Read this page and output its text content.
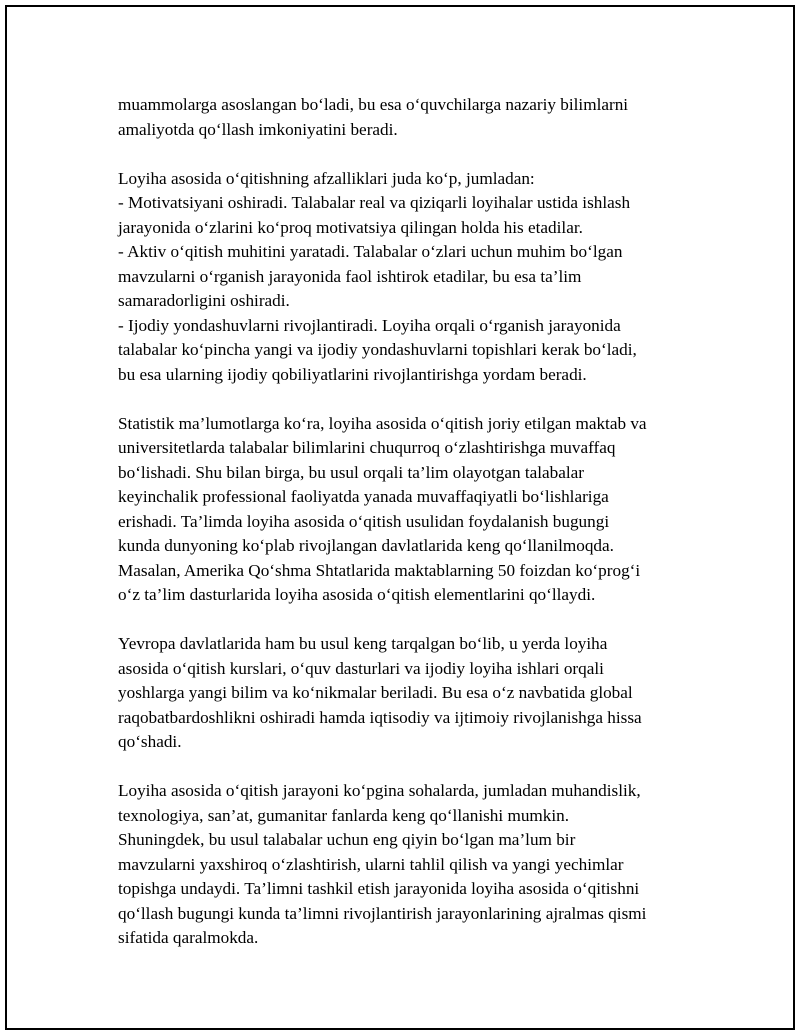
muammolarga asoslangan bo‘ladi, bu esa o‘quvchilarga nazariy bilimlarni
amaliyotda qo‘llash imkoniyatini beradi.
Loyiha asosida o‘qitishning afzalliklari juda ko‘p, jumladan:
- Motivatsiyani oshiradi. Talabalar real va qiziqarli loyihalar ustida ishlash
jarayonida o‘zlarini ko‘proq motivatsiya qilingan holda his etadilar.
- Aktiv o‘qitish muhitini yaratadi. Talabalar o‘zlari uchun muhim bo‘lgan
mavzularni o‘rganish jarayonida faol ishtirok etadilar, bu esa ta’lim
samaradorligini oshiradi.
- Ijodiy yondashuvlarni rivojlantiradi. Loyiha orqali o‘rganish jarayonida
talabalar ko‘pincha yangi va ijodiy yondashuvlarni topishlari kerak bo‘ladi,
bu esa ularning ijodiy qobiliyatlarini rivojlantirishga yordam beradi.
Statistik ma’lumotlarga ko‘ra, loyiha asosida o‘qitish joriy etilgan maktab va
universitetlarda talabalar bilimlarini chuqurroq o‘zlashtirishga muvaffaq
bo‘lishadi. Shu bilan birga, bu usul orqali ta’lim olayotgan talabalar
keyinchalik professional faoliyatda yanada muvaffaqiyatli bo‘lishlariga
erishadi. Ta’limda loyiha asosida o‘qitish usulidan foydalanish bugungi
kunda dunyoning ko‘plab rivojlangan davlatlarida keng qo‘llanilmoqda.
Masalan, Amerika Qo‘shma Shtatlarida maktablarning 50 foizdan ko‘prog‘i
o‘z ta’lim dasturlarida loyiha asosida o‘qitish elementlarini qo‘llaydi.
Yevropa davlatlarida ham bu usul keng tarqalgan bo‘lib, u yerda loyiha
asosida o‘qitish kurslari, o‘quv dasturlari va ijodiy loyiha ishlari orqali
yoshlarga yangi bilim va ko‘nikmalar beriladi. Bu esa o‘z navbatida global
raqobatbardoshlikni oshiradi hamda iqtisodiy va ijtimoiy rivojlanishga hissa
qo‘shadi.
Loyiha asosida o‘qitish jarayoni ko‘pgina sohalarda, jumladan muhandislik,
texnologiya, san’at, gumanitar fanlarda keng qo‘llanishi mumkin.
Shuningdek, bu usul talabalar uchun eng qiyin bo‘lgan ma’lum bir
mavzularni yaxshiroq o‘zlashtirish, ularni tahlil qilish va yangi yechimlar
topishga undaydi. Ta’limni tashkil etish jarayonida loyiha asosida o‘qitishni
qo‘llash bugungi kunda ta’limni rivojlantirish jarayonlarining ajralmas qismi
sifatida qaralmokda.
